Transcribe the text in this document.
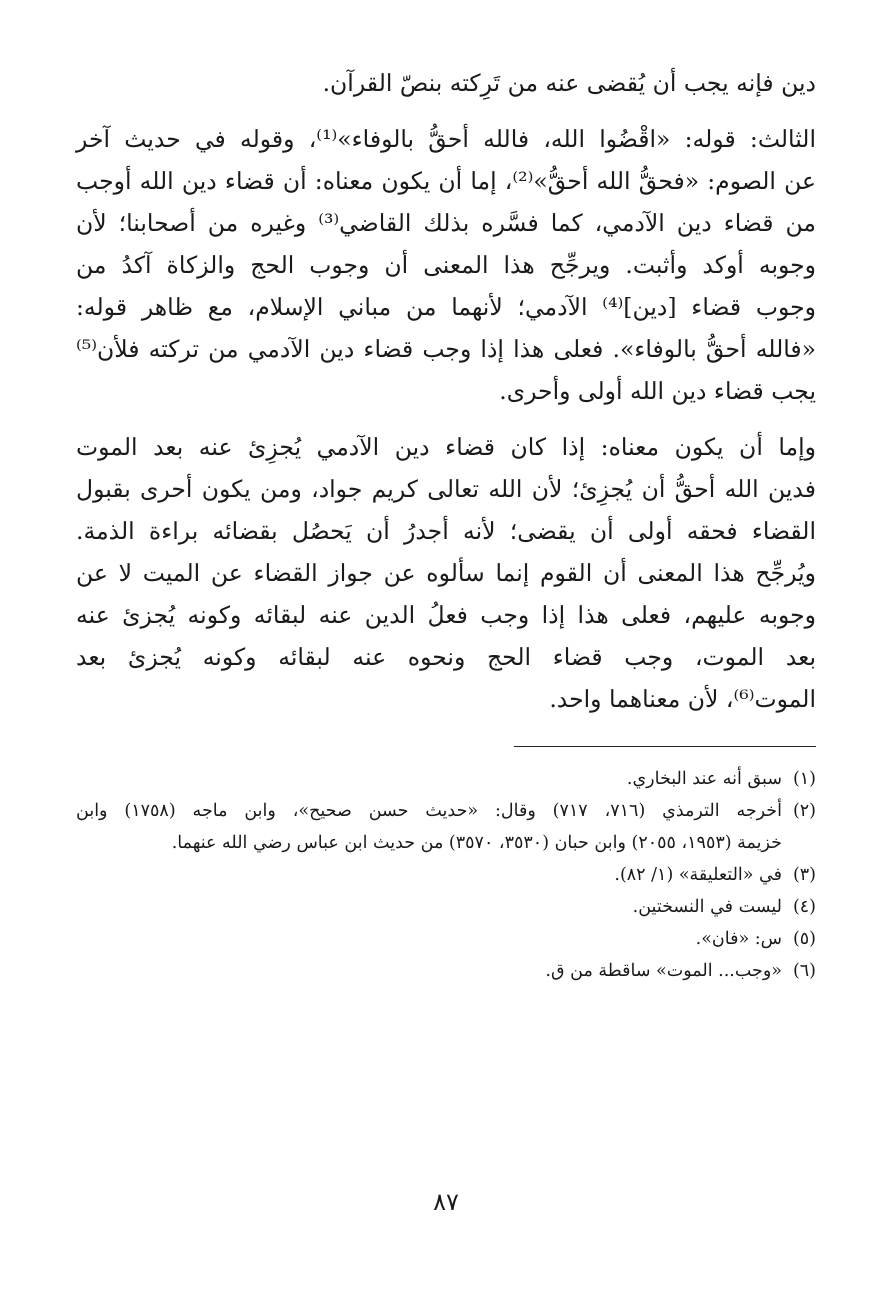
دين فإنه يجب أن يُقضى عنه من تَرِكته بنصّ القرآن.
الثالث: قوله: «اقْضُوا الله، فالله أحقُّ بالوفاء»⁽¹⁾، وقوله في حديث آخر
عن الصوم: «فحقُّ الله أحقُّ»⁽²⁾، إما أن يكون معناه: أن قضاء دين الله أوجب
من قضاء دين الآدمي، كما فسَّره بذلك القاضي⁽³⁾ وغيره من أصحابنا؛ لأن
وجوبه أوكد وأثبت. ويرجِّح هذا المعنى أن وجوب الحج والزكاة آكدُ من
وجوب قضاء [دين]⁽⁴⁾ الآدمي؛ لأنهما من مباني الإسلام، مع ظاهر قوله:
«فالله أحقُّ بالوفاء». فعلى هذا إذا وجب قضاء دين الآدمي من تركته فلأن⁽⁵⁾
يجب قضاء دين الله أولى وأحرى.
وإما أن يكون معناه: إذا كان قضاء دين الآدمي يُجزِئ عنه بعد الموت
فدين الله أحقُّ أن يُجزِئ؛ لأن الله تعالى كريم جواد، ومن يكون أحرى بقبول
القضاء فحقه أولى أن يقضى؛ لأنه أجدرُ أن يَحصُل بقضائه براءة الذمة.
ويُرجِّح هذا المعنى أن القوم إنما سألوه عن جواز القضاء عن الميت لا عن
وجوبه عليهم، فعلى هذا إذا وجب فعلُ الدين عنه لبقائه وكونه يُجزئ عنه
بعد الموت، وجب قضاء الحج ونحوه عنه لبقائه وكونه يُجزئ بعد
الموت⁽⁶⁾، لأن معناهما واحد.
(١)
سبق أنه عند البخاري.
(٢)
أخرجه الترمذي (٧١٦، ٧١٧) وقال: «حديث حسن صحيح»، وابن ماجه (١٧٥٨) وابن
خزيمة (١٩٥٣، ٢٠٥٥) وابن حبان (٣٥٣٠، ٣٥٧٠) من حديث ابن عباس رضي الله عنهما.
(٣)
في «التعليقة» (١/ ٨٢).
(٤)
ليست في النسختين.
(٥)
س: «فان».
(٦)
«وجب... الموت» ساقطة من ق.
٨٧
